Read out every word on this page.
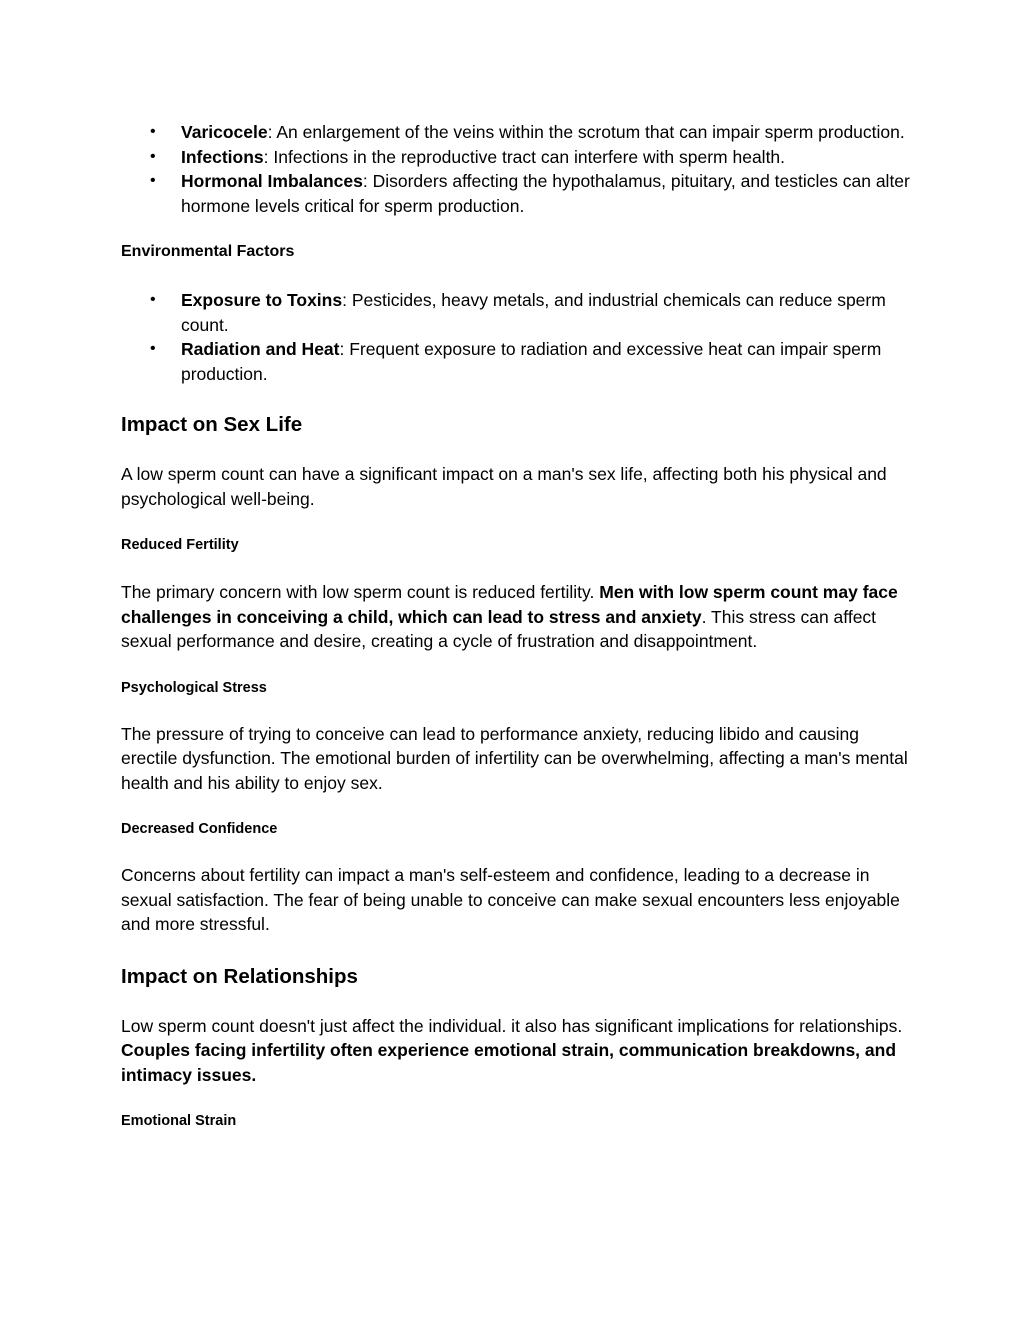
• Varicocele: An enlargement of the veins within the scrotum that can impair sperm production.
• Infections: Infections in the reproductive tract can interfere with sperm health.
• Hormonal Imbalances: Disorders affecting the hypothalamus, pituitary, and testicles can alter hormone levels critical for sperm production.
Environmental Factors
• Exposure to Toxins: Pesticides, heavy metals, and industrial chemicals can reduce sperm count.
• Radiation and Heat: Frequent exposure to radiation and excessive heat can impair sperm production.
Impact on Sex Life

A low sperm count can have a significant impact on a man's sex life, affecting both his physical and psychological well-being.

Reduced Fertility

The primary concern with low sperm count is reduced fertility. Men with low sperm count may face challenges in conceiving a child, which can lead to stress and anxiety. This stress can affect sexual performance and desire, creating a cycle of frustration and disappointment.

Psychological Stress

The pressure of trying to conceive can lead to performance anxiety, reducing libido and causing erectile dysfunction. The emotional burden of infertility can be overwhelming, affecting a man's mental health and his ability to enjoy sex.

Decreased Confidence

Concerns about fertility can impact a man's self-esteem and confidence, leading to a decrease in sexual satisfaction. The fear of being unable to conceive can make sexual encounters less enjoyable and more stressful.

Impact on Relationships

Low sperm count doesn't just affect the individual. it also has significant implications for relationships. Couples facing infertility often experience emotional strain, communication breakdowns, and intimacy issues.

Emotional Strain
